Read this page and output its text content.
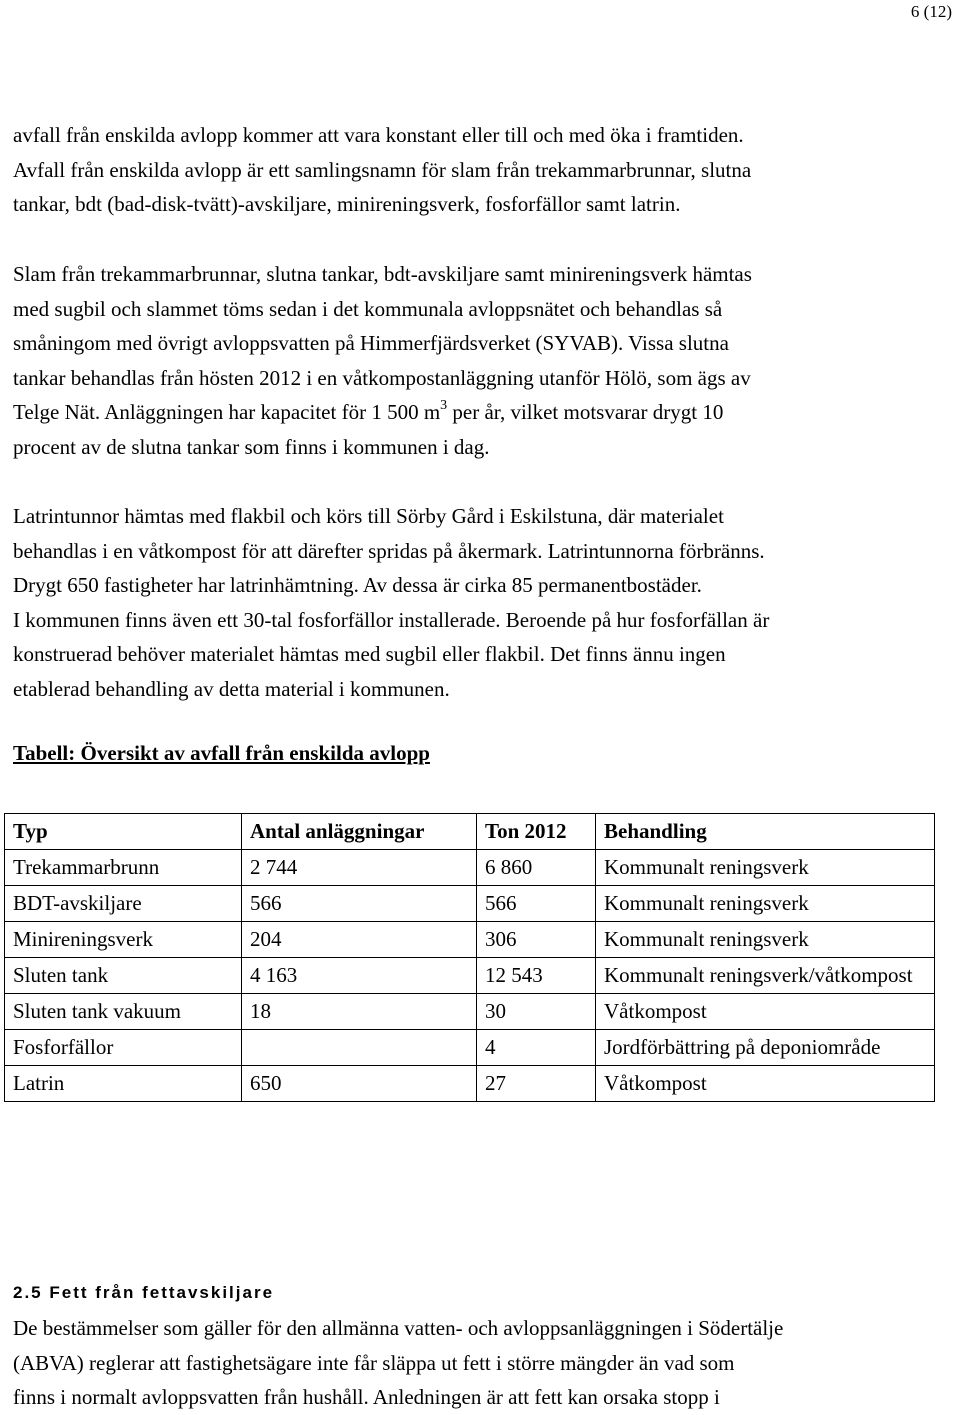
6 (12)

avfall från enskilda avlopp kommer att vara konstant eller till och med öka i framtiden.
Avfall från enskilda avlopp är ett samlingsnamn för slam från trekammarbrunnar, slutna
tankar, bdt (bad-disk-tvätt)-avskiljare, minireningsverk, fosforfällor samt latrin.

Slam från trekammarbrunnar, slutna tankar, bdt-avskiljare samt minireningsverk hämtas
med sugbil och slammet töms sedan i det kommunala avloppsnätet och behandlas så
småningom med övrigt avloppsvatten på Himmerfjärdsverket (SYVAB). Vissa slutna
tankar behandlas från hösten 2012 i en våtkompostanläggning utanför Hölö, som ägs av
Telge Nät. Anläggningen har kapacitet för 1 500 $m^3$ per år, vilket motsvarar drygt 10
procent av de slutna tankar som finns i kommunen i dag.

Latrintunnor hämtas med flakbil och körs till Sörby Gård i Eskilstuna, där materialet
behandlas i en våtkompost för att därefter spridas på åkermark. Latrintunnorna förbränns.
Drygt 650 fastigheter har latrinhämtning. Av dessa är cirka 85 permanentbostäder.
I kommunen finns även ett 30-tal fosforfällor installerade. Beroende på hur fosforfällan är
konstruerad behöver materialet hämtas med sugbil eller flakbil. Det finns ännu ingen
etablerad behandling av detta material i kommunen.

Tabell: Översikt av avfall från enskilda avlopp
Typ	Antal anläggningar	Ton 2012	Behandling
Trekammarbrunn	2 744	6 860	Kommunalt reningsverk
BDT-avskiljare	566	566	Kommunalt reningsverk
Minireningsverk	204	306	Kommunalt reningsverk
Sluten tank	4 163	12 543	Kommunalt reningsverk/våtkompost
Sluten tank vakuum	18	30	Våtkompost
Fosforfällor		4	Jordförbättring på deponiområde
Latrin	650	27	Våtkompost
2.5 Fett från fettavskiljare

De bestämmelser som gäller för den allmänna vatten- och avloppsanläggningen i Södertälje
(ABVA) reglerar att fastighetsägare inte får släppa ut fett i större mängder än vad som
finns i normalt avloppsvatten från hushåll. Anledningen är att fett kan orsaka stopp i
